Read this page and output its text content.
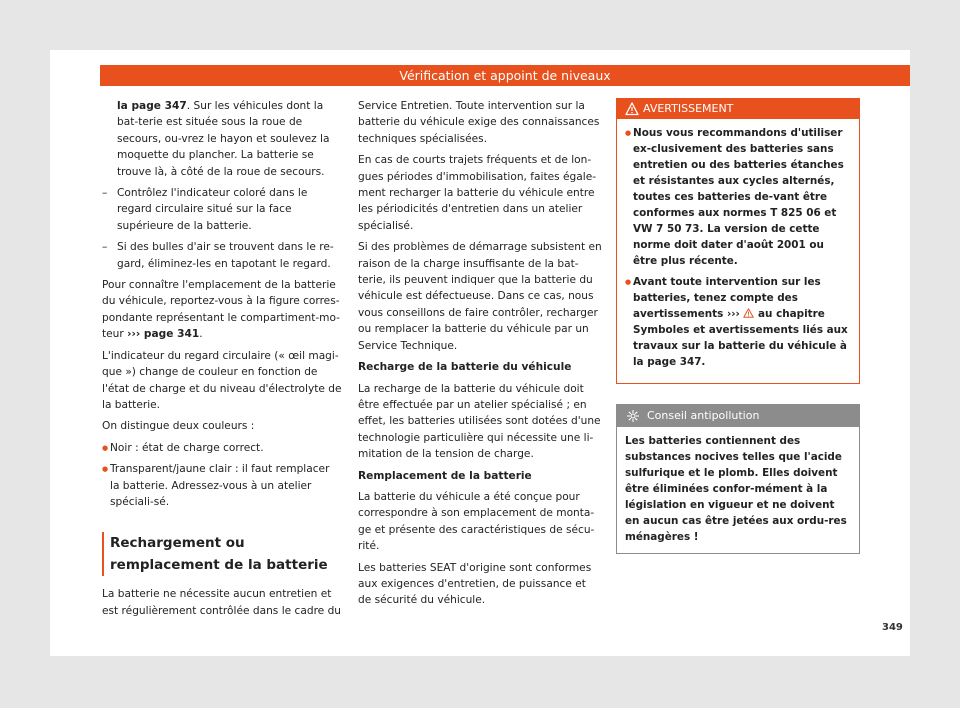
Vérification et appoint de niveaux

la page 347. Sur les véhicules dont la bat-terie est située sous la roue de secours, ou-vrez le hayon et soulevez la moquette du plancher. La batterie se trouve là, à côté de la roue de secours.

– Contrôlez l'indicateur coloré dans le regard circulaire situé sur la face supérieure de la batterie.

– Si des bulles d'air se trouvent dans le re-gard, éliminez-les en tapotant le regard.

Pour connaître l'emplacement de la batterie du véhicule, reportez-vous à la figure corres-pondante représentant le compartiment-mo-teur ››› page 341.

L'indicateur du regard circulaire (« œil magi-que ») change de couleur en fonction de l'état de charge et du niveau d'électrolyte de la batterie.

On distingue deux couleurs :

● Noir : état de charge correct.

● Transparent/jaune clair : il faut remplacer la batterie. Adressez-vous à un atelier spéciali-sé.

Rechargement ou remplacement de la batterie

La batterie ne nécessite aucun entretien et est régulièrement contrôlée dans le cadre du

Service Entretien. Toute intervention sur la batterie du véhicule exige des connaissances techniques spécialisées.

En cas de courts trajets fréquents et de lon-gues périodes d'immobilisation, faites égale-ment recharger la batterie du véhicule entre les périodicités d'entretien dans un atelier spécialisé.

Si des problèmes de démarrage subsistent en raison de la charge insuffisante de la bat-terie, ils peuvent indiquer que la batterie du véhicule est défectueuse. Dans ce cas, nous vous conseillons de faire contrôler, recharger ou remplacer la batterie du véhicule par un Service Technique.

Recharge de la batterie du véhicule

La recharge de la batterie du véhicule doit être effectuée par un atelier spécialisé ; en effet, les batteries utilisées sont dotées d'une technologie particulière qui nécessite une li-mitation de la tension de charge.

Remplacement de la batterie

La batterie du véhicule a été conçue pour correspondre à son emplacement de monta-ge et présente des caractéristiques de sécu-rité.

Les batteries SEAT d'origine sont conformes aux exigences d'entretien, de puissance et de sécurité du véhicule.

AVERTISSEMENT

● Nous vous recommandons d'utiliser ex-clusivement des batteries sans entretien ou des batteries étanches et résistantes aux cycles alternés, toutes ces batteries de-vant être conformes aux normes T 825 06 et VW 7 50 73. La version de cette norme doit dater d'août 2001 ou être plus récente.

● Avant toute intervention sur les batteries, tenez compte des avertissements ››› au chapitre Symboles et avertissements liés aux travaux sur la batterie du véhicule à la page 347.

Conseil antipollution
Les batteries contiennent des substances nocives telles que l'acide sulfurique et le plomb. Elles doivent être éliminées confor-mément à la législation en vigueur et ne doivent en aucun cas être jetées aux ordu-res ménagères !
349
